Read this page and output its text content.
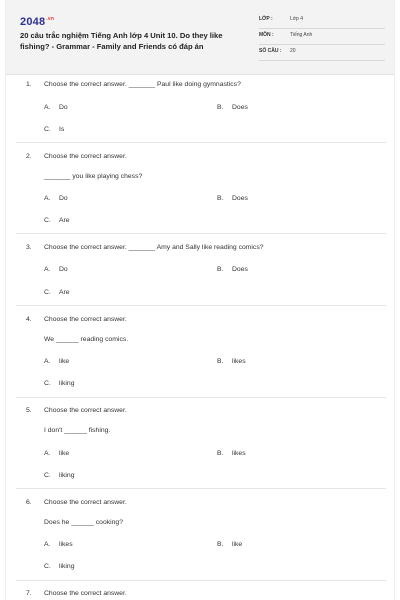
$2048^{.vn}$
20 câu trắc nghiệm Tiếng Anh lớp 4 Unit 10. Do they like fishing? - Grammar - Family and Friends có đáp án
LỚP :	Lớp 4
MÔN :	Tiếng Anh
SỐ CÂU : 20
1. Choose the correct answer. _______ Paul like doing gymnastics?
A. Do	B. Does
C. Is
2. Choose the correct answer.
_______ you like playing chess?
A. Do	B. Does
C. Are
3. Choose the correct answer. _______ Amy and Sally like reading comics?
A. Do	B. Does
C. Are
4. Choose the correct answer.
We ______ reading comics.
A. like	B. likes
C. liking
5. Choose the correct answer.
I don't ______ fishing.
A. like	B. likes
C. liking
6. Choose the correct answer.
Does he ______ cooking?
A. likes	B. like
C. liking
7. Choose the correct answer.
